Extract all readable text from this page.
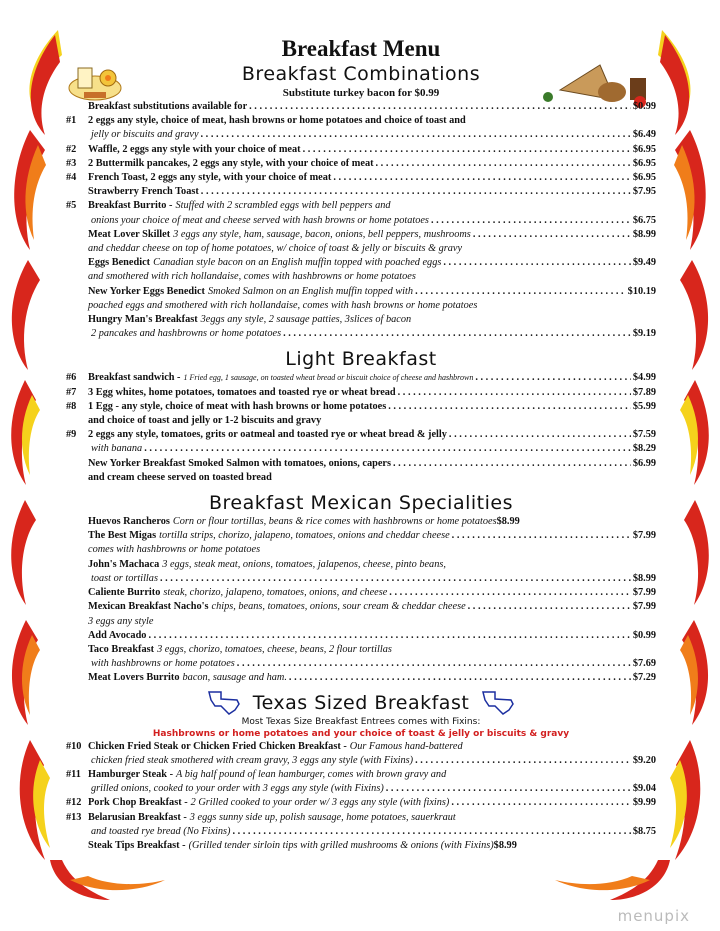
Breakfast Menu
Breakfast Combinations
Substitute turkey bacon for $0.99
Breakfast substitutions available for . . .	$0.99
#1	2 eggs any style, choice of meat, hash browns or home potatoes and choice of toast and
jelly or biscuits and gravy . . .	$6.49
#2	Waffle, 2 eggs any style with your choice of meat . . .	$6.95
#3	2 Buttermilk pancakes, 2 eggs any style, with your choice of meat . . .	$6.95
#4	French Toast, 2 eggs any style, with your choice of meat . . .	$6.95
Strawberry French Toast . . .	$7.95
#5	Breakfast Burrito - Stuffed with 2 scrambled eggs with bell peppers and
onions your choice of meat and cheese served with hash browns or home potatoes . . .	$6.75
Meat Lover Skillet 3 eggs any style, ham, sausage, bacon, onions, bell peppers, mushrooms . . .	$8.99
and cheddar cheese on top of home potatoes, w/ choice of toast & jelly or biscuits & gravy
Eggs Benedict Canadian style bacon on an English muffin topped with poached eggs . . .	$9.49
and smothered with rich hollandaise, comes with hashbrowns or home potatoes
New Yorker Eggs Benedict Smoked Salmon on an English muffin topped with . . .	$10.19
poached eggs and smothered with rich hollandaise, comes with hash browns or home potatoes
Hungry Man's Breakfast 3eggs any style, 2 sausage patties, 3slices of bacon
2 pancakes and hashbrowns or home potatoes . . .	$9.19
Light Breakfast
#6	Breakfast sandwich - 1 Fried egg, 1 sausage, on toasted wheat bread or biscuit choice of cheese and hashbrown . . .	$4.99
#7	3 Egg whites, home potatoes, tomatoes and toasted rye or wheat bread . . .	$7.89
#8	1 Egg - any style, choice of meat with hash browns or home potatoes . . .	$5.99
and choice of toast and jelly or 1-2 biscuits and gravy
#9	2 eggs any style, tomatoes, grits or oatmeal and toasted rye or wheat bread & jelly . . .	$7.59
with banana . . .	$8.29
New Yorker Breakfast Smoked Salmon with tomatoes, onions, capers . . .	$6.99
and cream cheese served on toasted bread
Breakfast Mexican Specialities
Huevos Rancheros Corn or flour tortillas, beans & rice comes with hashbrowns or home potatoes $8.99
The Best Migas tortilla strips, chorizo, jalapeno, tomatoes, onions and cheddar cheese . . .	$7.99
comes with hashbrowns or home potatoes
John's Machaca 3 eggs, steak meat, onions, tomatoes, jalapenos, cheese, pinto beans,
toast or tortillas . . .	$8.99
Caliente Burrito steak, chorizo, jalapeno, tomatoes, onions, and cheese . . .	$7.99
Mexican Breakfast Nacho's chips, beans, tomatoes, onions, sour cream & cheddar cheese . . .	$7.99
3 eggs any style
Add Avocado . . .	$0.99
Taco Breakfast 3 eggs, chorizo, tomatoes, cheese, beans, 2 flour tortillas
with hashbrowns or home potatoes . . .	$7.69
Meat Lovers Burrito bacon, sausage and ham. . . .	$7.29
Texas Sized Breakfast
Most Texas Size Breakfast Entrees comes with Fixins:
Hashbrowns or home potatoes and your choice of toast & jelly or biscuits & gravy
#10 Chicken Fried Steak or Chicken Fried Chicken Breakfast - Our Famous hand-battered
chicken fried steak smothered with cream gravy, 3 eggs any style (with Fixins) . . .	$9.20
#11 Hamburger Steak - A big half pound of lean hamburger, comes with brown gravy and
grilled onions, cooked to your order with 3 eggs any style (with Fixins) . . .	$9.04
#12 Pork Chop Breakfast - 2 Grilled cooked to your order w/ 3 eggs any style (with fixins) . . .	$9.99
#13 Belarusian Breakfast - 3 eggs sunny side up, polish sausage, home potatoes, sauerkraut
and toasted rye bread (No Fixins) . . .	$8.75
Steak Tips Breakfast - (Grilled tender sirloin tips with grilled mushrooms & onions (with Fixins) $8.99
menupix
